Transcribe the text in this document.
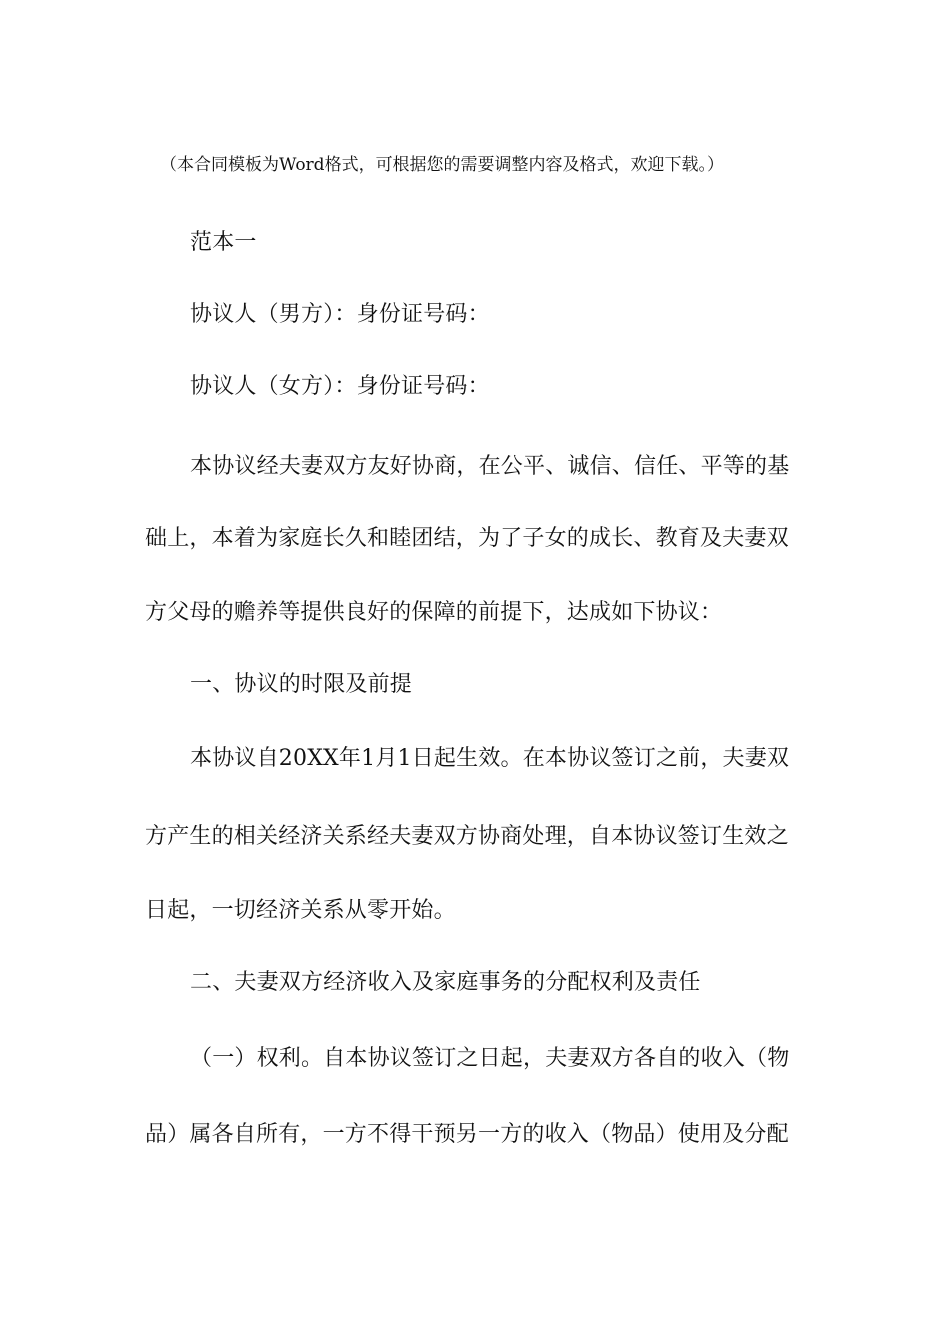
（本合同模板为Word格式，可根据您的需要调整内容及格式，欢迎下载。）
范本一
协议人（男方）：身份证号码：
协议人（女方）：身份证号码：
本协议经夫妻双方友好协商，在公平、诚信、信任、平等的基
础上，本着为家庭长久和睦团结，为了子女的成长、教育及夫妻双
方父母的赡养等提供良好的保障的前提下，达成如下协议：
一、协议的时限及前提
本协议自20XX年1月1日起生效。在本协议签订之前，夫妻双
方产生的相关经济关系经夫妻双方协商处理，自本协议签订生效之
日起，一切经济关系从零开始。
二、夫妻双方经济收入及家庭事务的分配权利及责任
（一）权利。自本协议签订之日起，夫妻双方各自的收入（物
品）属各自所有，一方不得干预另一方的收入（物品）使用及分配
